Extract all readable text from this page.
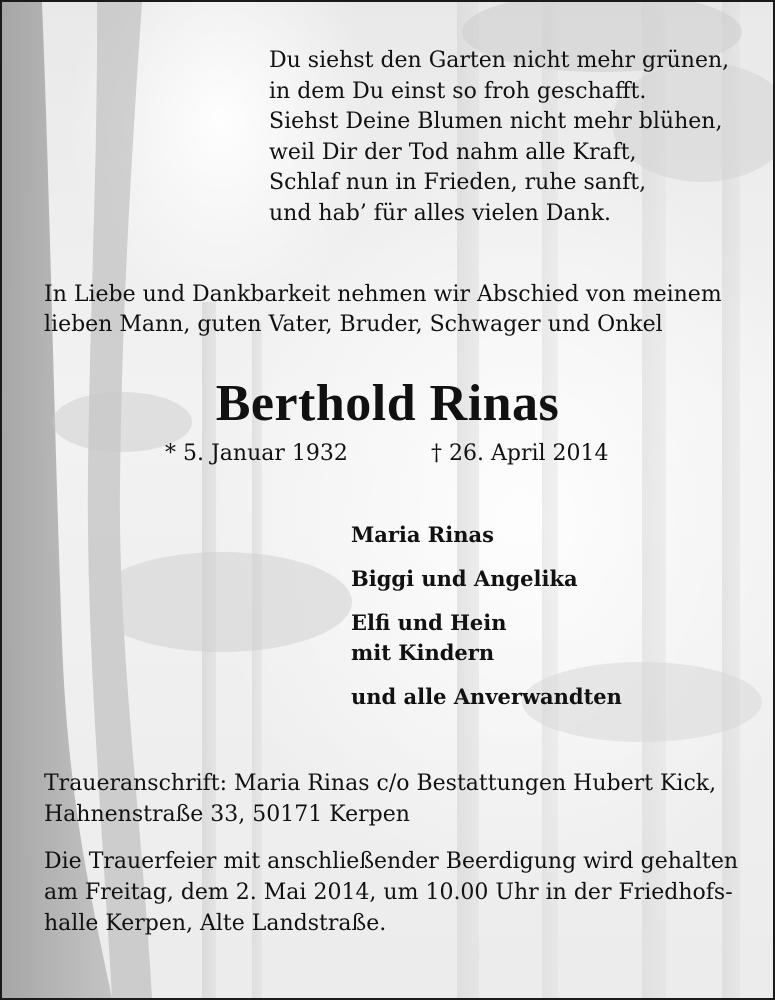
Du siehst den Garten nicht mehr grünen,
in dem Du einst so froh geschafft.
Siehst Deine Blumen nicht mehr blühen,
weil Dir der Tod nahm alle Kraft,
Schlaf nun in Frieden, ruhe sanft,
und hab’ für alles vielen Dank.
In Liebe und Dankbarkeit nehmen wir Abschied von meinem
lieben Mann, guten Vater, Bruder, Schwager und Onkel
Berthold Rinas
* 5. Januar 1932	† 26. April 2014
Maria Rinas
Biggi und Angelika
Elfi und Hein
mit Kindern
und alle Anverwandten
Traueranschrift: Maria Rinas c/o Bestattungen Hubert Kick,
Hahnenstraße 33, 50171 Kerpen
Die Trauerfeier mit anschließender Beerdigung wird gehalten
am Freitag, dem 2. Mai 2014, um 10.00 Uhr in der Friedhofs-
halle Kerpen, Alte Landstraße.
